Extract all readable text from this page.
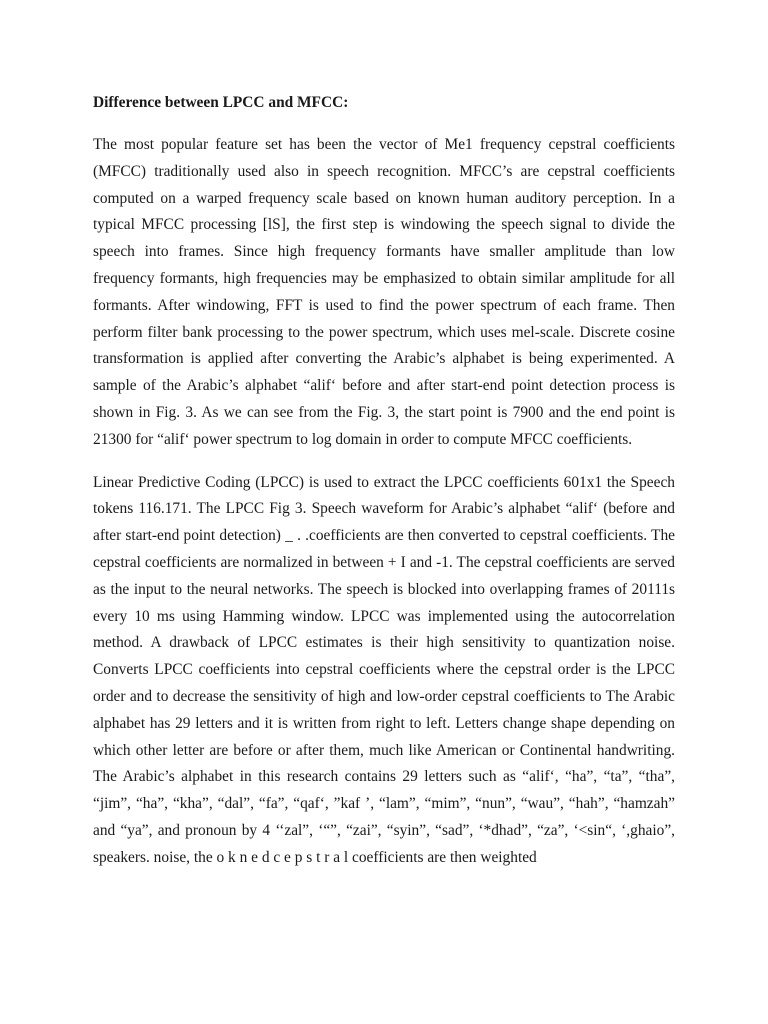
Difference between LPCC and MFCC:

The most popular feature set has been the vector of Me1 frequency cepstral coefficients (MFCC) traditionally used also in speech recognition. MFCC’s are cepstral coefficients computed on a warped frequency scale based on known human auditory perception. In a typical MFCC processing [lS], the first step is windowing the speech signal to divide the speech into frames. Since high frequency formants have smaller amplitude than low frequency formants, high frequencies may be emphasized to obtain similar amplitude for all formants. After windowing, FFT is used to find the power spectrum of each frame. Then perform filter bank processing to the power spectrum, which uses mel-scale. Discrete cosine transformation is applied after converting the Arabic’s alphabet is being experimented. A sample of the Arabic’s alphabet “alif‘ before and after start-end point detection process is shown in Fig. 3. As we can see from the Fig. 3, the start point is 7900 and the end point is 21300 for “alif‘ power spectrum to log domain in order to compute MFCC coefficients.

Linear Predictive Coding (LPCC) is used to extract the LPCC coefficients 601x1 the Speech tokens 116.171. The LPCC Fig 3. Speech waveform for Arabic’s alphabet “alif‘ (before and after start-end point detection) _ . .coefficients are then converted to cepstral coefficients. The cepstral coefficients are normalized in between + I and -1. The cepstral coefficients are served as the input to the neural networks. The speech is blocked into overlapping frames of 20111s every 10 ms using Hamming window. LPCC was implemented using the autocorrelation method. A drawback of LPCC estimates is their high sensitivity to quantization noise. Converts LPCC coefficients into cepstral coefficients where the cepstral order is the LPCC order and to decrease the sensitivity of high and low-order cepstral coefficients to The Arabic alphabet has 29 letters and it is written from right to left. Letters change shape depending on which other letter are before or after them, much like American or Continental handwriting. The Arabic’s alphabet in this research contains 29 letters such as “alif‘, “ha”, “ta”, “tha”, “jim”, “ha”, “kha”, “dal”, “fa”, “qaf‘, ”kaf ’, “lam”, “mim”, “nun”, “wau”, “hah”, “hamzah” and “ya”, and pronoun by 4 ‘‘zal”, ‘“”, “zai”, “syin”, “sad”, ‘*dhad”, “za”, ‘<sin“, ‘,ghaio”, speakers. noise, the o k n e d c e p s t r a l coefficients are then weighted
